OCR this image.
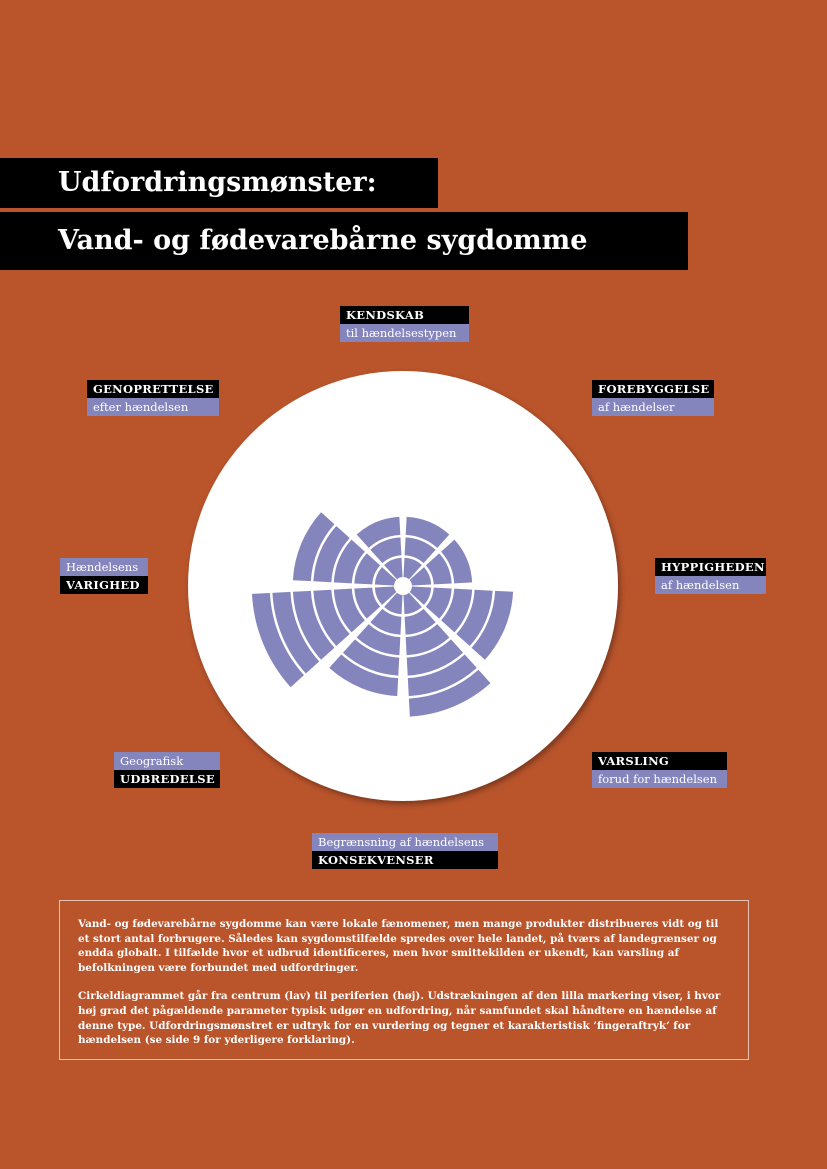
Udfordringsmønster:
Vand- og fødevarebårne sygdomme
KENDSKAB
til hændelsestypen
FOREBYGGELSE
af hændelser
HYPPIGHEDEN
af hændelsen
VARSLING
forud for hændelsen
Begrænsning af hændelsens
KONSEKVENSER
Geografisk
UDBREDELSE
Hændelsens
VARIGHED
GENOPRETTELSE
efter hændelsen

Vand- og fødevarebårne sygdomme kan være lokale fænomener, men mange produkter distribueres vidt og til et stort antal forbrugere. Således kan sygdomstilfælde spredes over hele landet, på tværs af landegrænser og endda globalt. I tilfælde hvor et udbrud identificeres, men hvor smittekilden er ukendt, kan varsling af befolkningen være forbundet med udfordringer.

Cirkeldiagrammet går fra centrum (lav) til periferien (høj). Udstrækningen af den lilla markering viser, i hvor høj grad det pågældende parameter typisk udgør en udfordring, når samfundet skal håndtere en hændelse af denne type. Udfordringsmønstret er udtryk for en vurdering og tegner et karakteristisk ’fingeraftryk’ for hændelsen (se side 9 for yderligere forklaring).
